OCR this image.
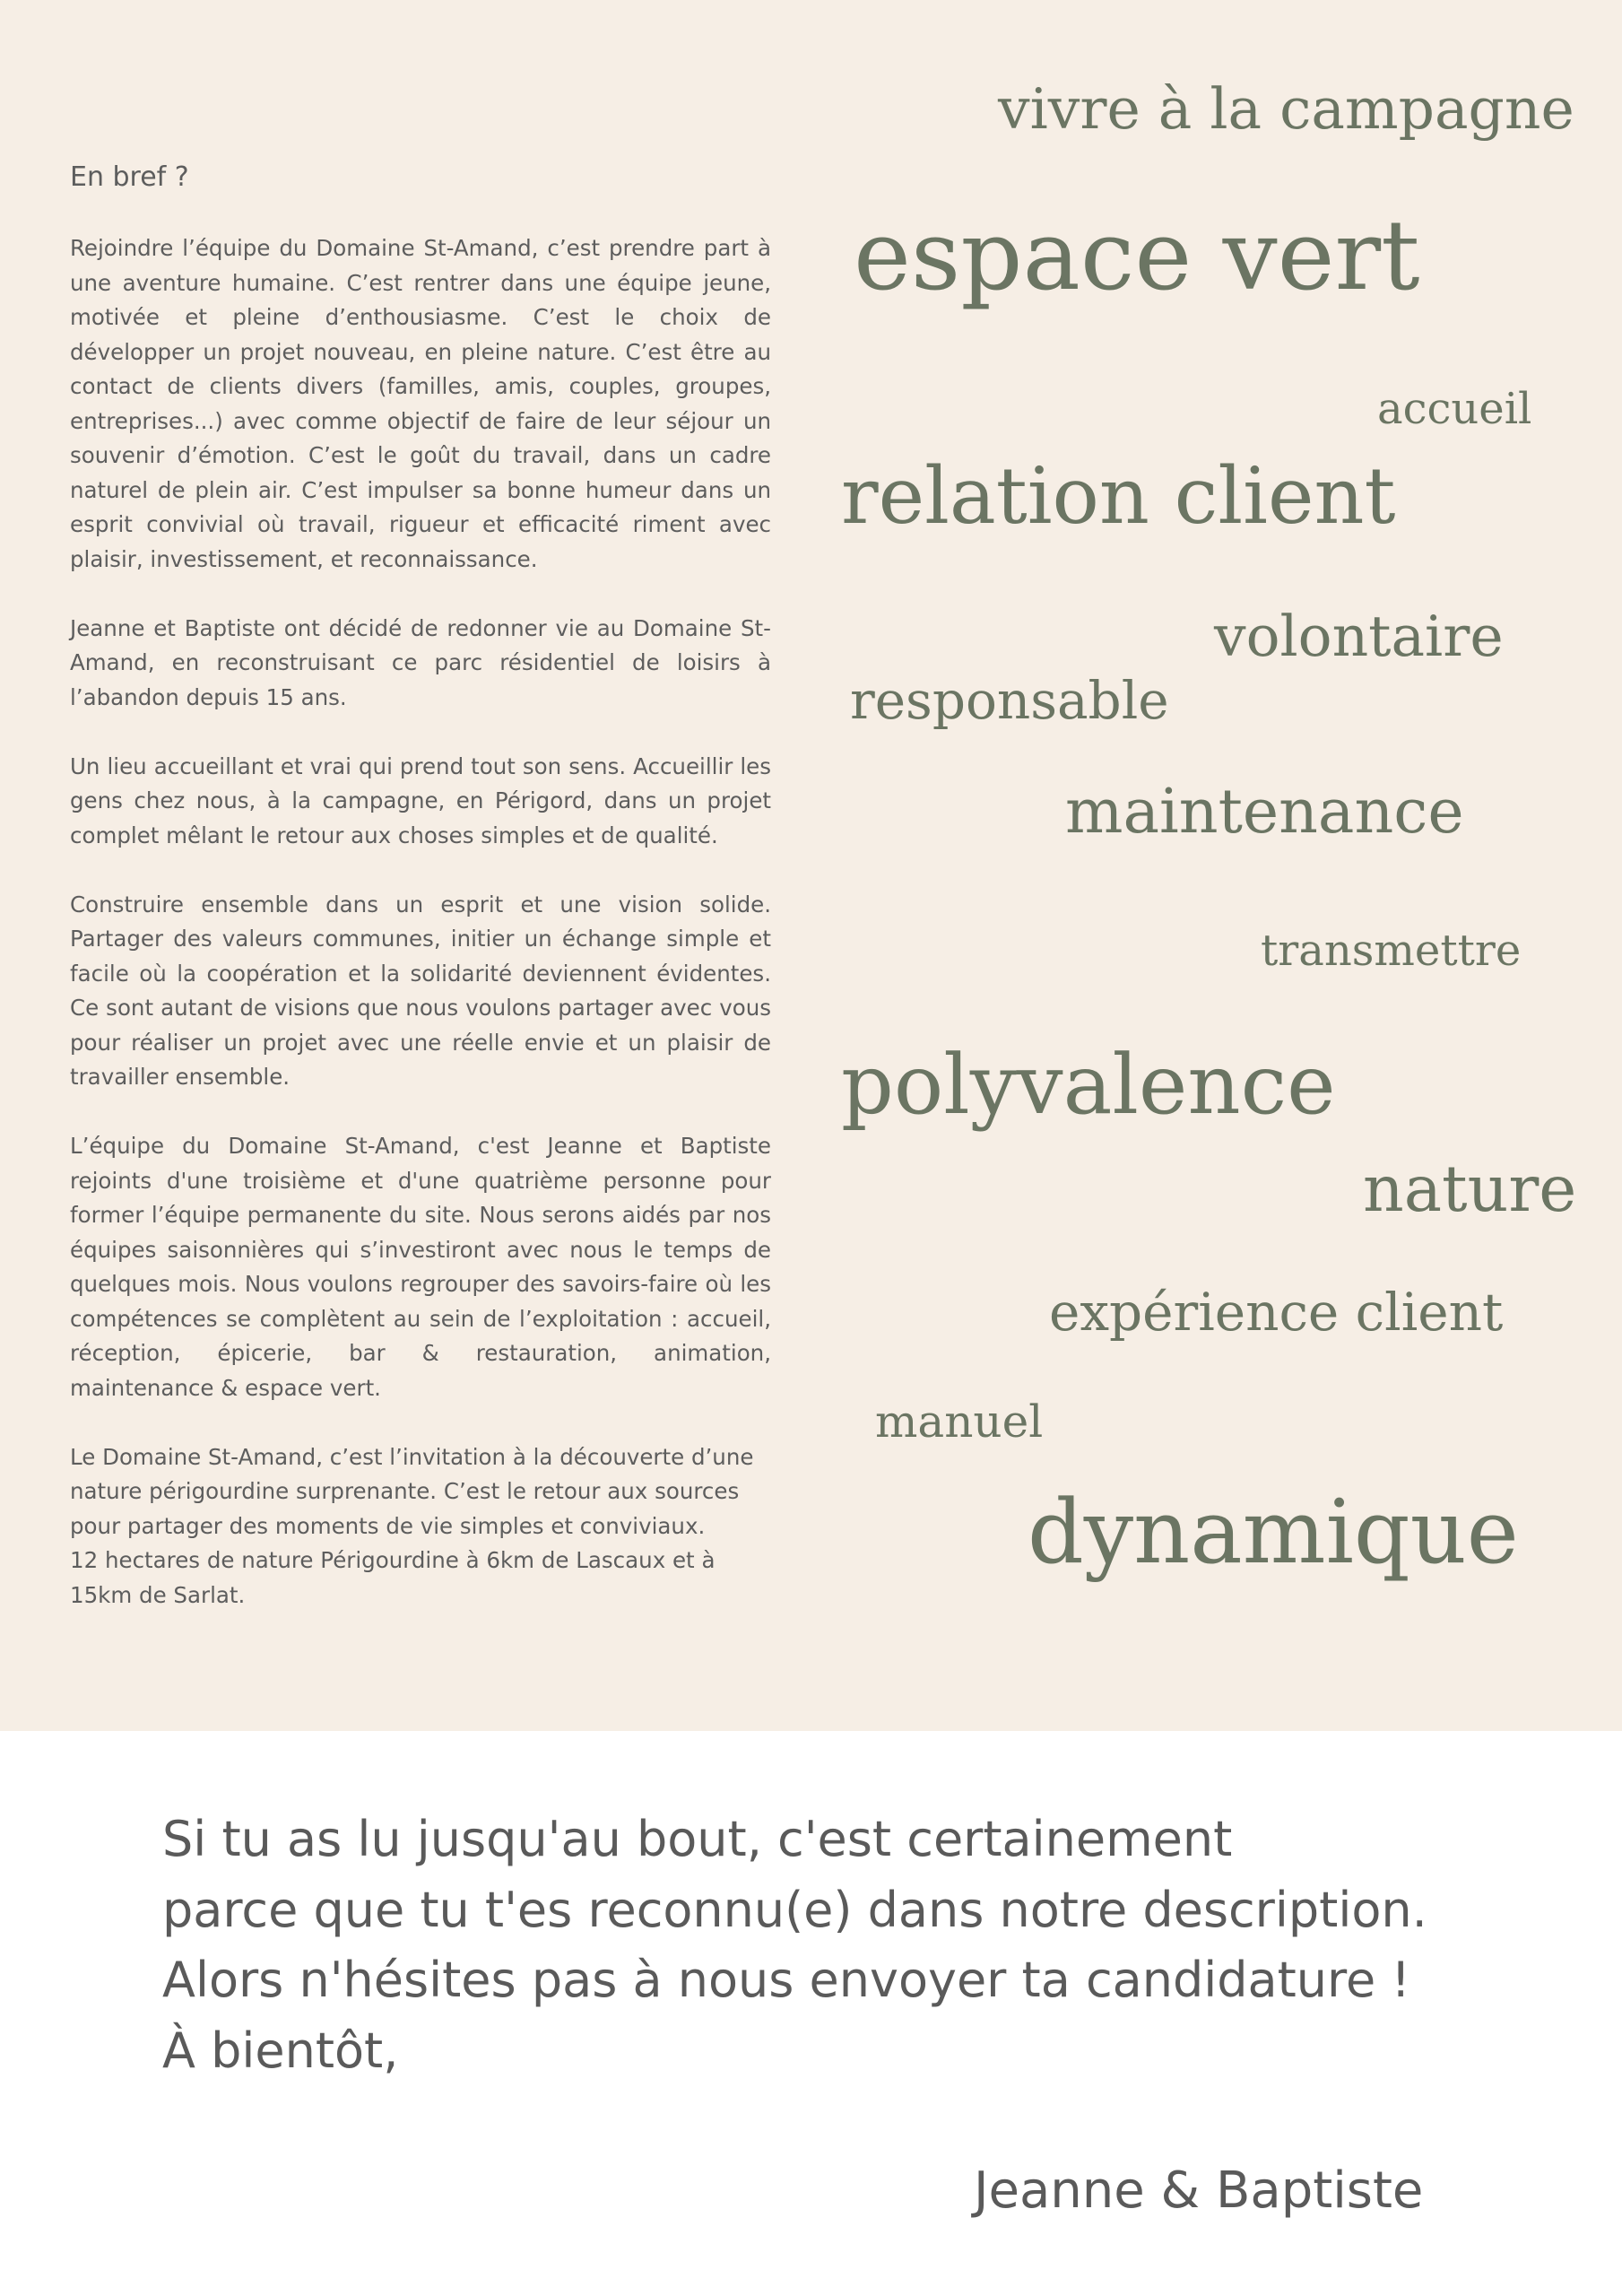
En bref ?

Rejoindre l’équipe du Domaine St-Amand, c’est prendre part à une aventure humaine. C’est rentrer dans une équipe jeune, motivée et pleine d’enthousiasme. C’est le choix de développer un projet nouveau, en pleine nature. C’est être au contact de clients divers (familles, amis, couples, groupes, entreprises...) avec comme objectif de faire de leur séjour un souvenir d’émotion. C’est le goût du travail, dans un cadre naturel de plein air. C’est impulser sa bonne humeur dans un esprit convivial où travail, rigueur et efficacité riment avec plaisir, investissement, et reconnaissance.

Jeanne et Baptiste ont décidé de redonner vie au Domaine St-Amand, en reconstruisant ce parc résidentiel de loisirs à l’abandon depuis 15 ans.

Un lieu accueillant et vrai qui prend tout son sens. Accueillir les gens chez nous, à la campagne, en Périgord, dans un projet complet mêlant le retour aux choses simples et de qualité.

Construire ensemble dans un esprit et une vision solide. Partager des valeurs communes, initier un échange simple et facile où la coopération et la solidarité deviennent évidentes. Ce sont autant de visions que nous voulons partager avec vous pour réaliser un projet avec une réelle envie et un plaisir de travailler ensemble.

L’équipe du Domaine St-Amand, c'est Jeanne et Baptiste rejoints d'une troisième et d'une quatrième personne pour former l’équipe permanente du site. Nous serons aidés par nos équipes saisonnières qui s’investiront avec nous le temps de quelques mois. Nous voulons regrouper des savoirs-faire où les compétences se complètent au sein de l’exploitation : accueil, réception, épicerie, bar & restauration, animation, maintenance & espace vert.

Le Domaine St-Amand, c’est l’invitation à la découverte d’une nature périgourdine surprenante. C’est le retour aux sources pour partager des moments de vie simples et conviviaux.
12 hectares de nature Périgourdine à 6km de Lascaux et à 15km de Sarlat.

vivre à la campagne
espace vert
accueil
relation client
volontaire
responsable
maintenance
transmettre
polyvalence
nature
expérience client
manuel
dynamique
Si tu as lu jusqu'au bout, c'est certainement
parce que tu t'es reconnu(e) dans notre description.
Alors n'hésites pas à nous envoyer ta candidature !
À bientôt,
Jeanne & Baptiste
